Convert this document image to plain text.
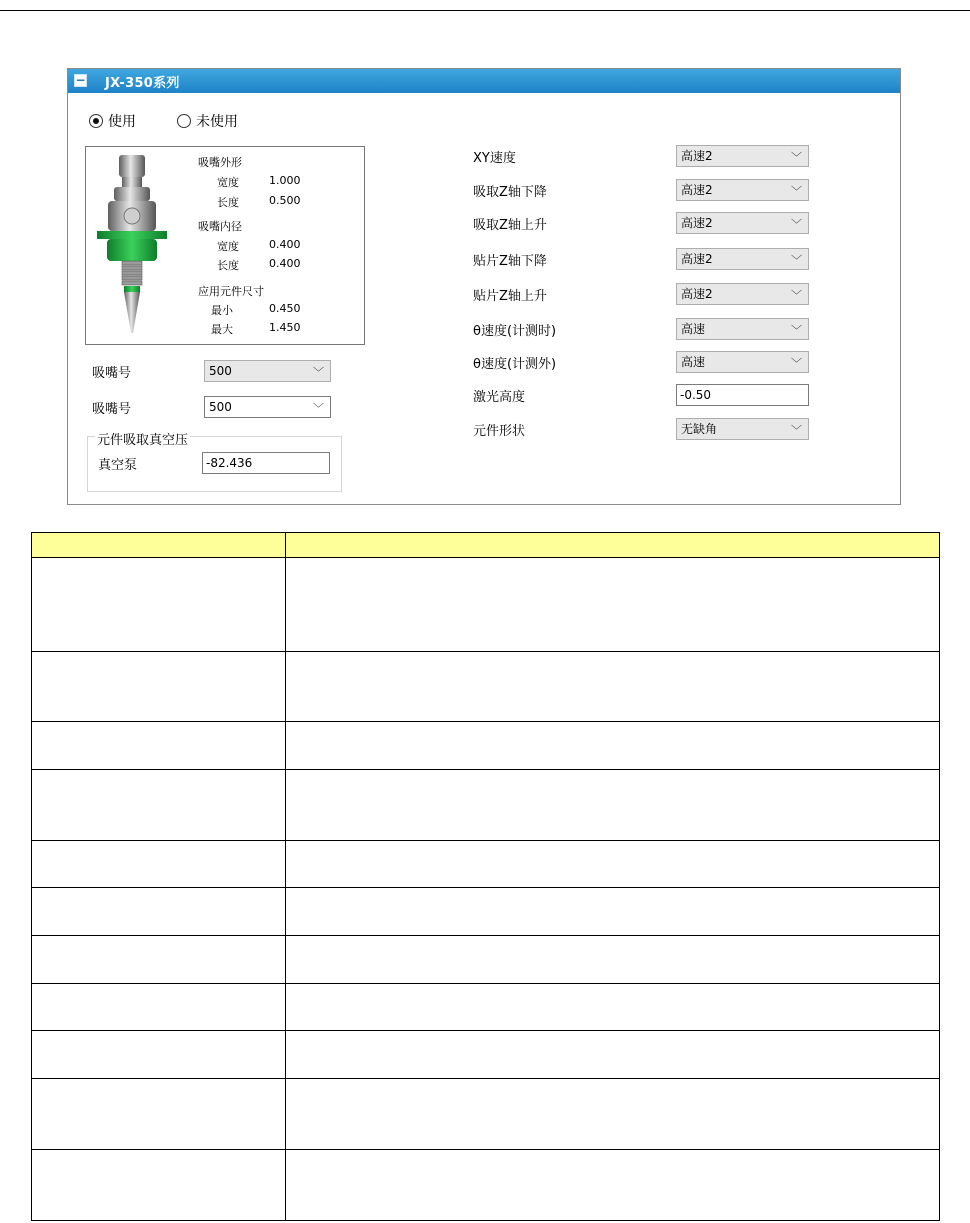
− JX-350系列
使用	未使用
吸嘴外形
宽度	1.000
长度	0.500
吸嘴内径
宽度	0.400
长度	0.400
应用元件尺寸
最小	0.450
最大	1.450
吸嘴号	500	﹀
吸嘴号	500	﹀
元件吸取真空压
真空泵	-82.436
XY速度	高速2	﹀
吸取Z轴下降	高速2	﹀
吸取Z轴上升	高速2	﹀
贴片Z轴下降	高速2	﹀
贴片Z轴上升	高速2	﹀
θ速度(计测时)	高速	﹀
θ速度(计测外)	高速	﹀
激光高度	-0.50
元件形状	无缺角	﹀
